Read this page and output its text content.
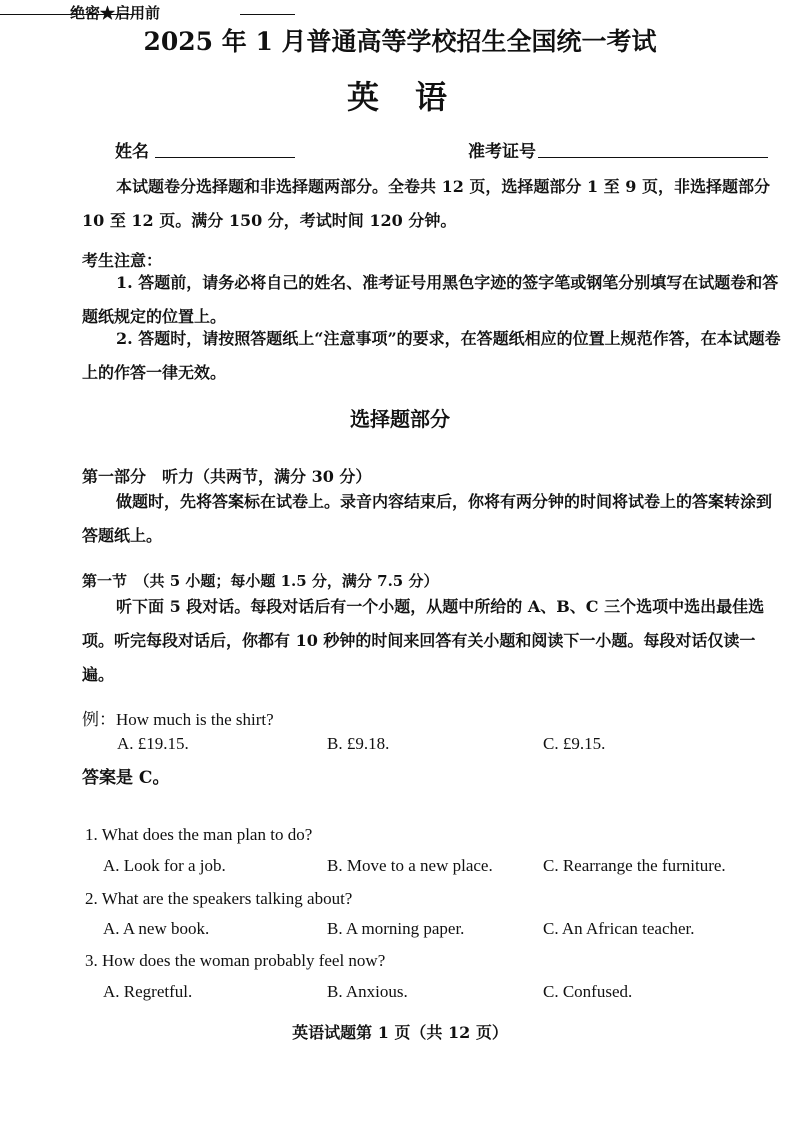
绝密★启用前
2025 年 1 月普通高等学校招生全国统一考试
英语
姓名	准考证号
本试题卷分选择题和非选择题两部分。全卷共 12 页，选择题部分 1 至 9 页，非选择题部分 10 至 12 页。满分 150 分，考试时间 120 分钟。
考生注意：
1. 答题前，请务必将自己的姓名、准考证号用黑色字迹的签字笔或钢笔分别填写在试题卷和答题纸规定的位置上。
2. 答题时，请按照答题纸上“注意事项”的要求，在答题纸相应的位置上规范作答，在本试题卷上的作答一律无效。
选择题部分
第一部分　听力（共两节，满分 30 分）
做题时，先将答案标在试卷上。录音内容结束后，你将有两分钟的时间将试卷上的答案转涂到答题纸上。
第一节　（共 5 小题；每小题 1.5 分，满分 7.5 分）
听下面 5 段对话。每段对话后有一个小题，从题中所给的 A、B、C 三个选项中选出最佳选项。听完每段对话后，你都有 10 秒钟的时间来回答有关小题和阅读下一小题。每段对话仅读一遍。
例：How much is the shirt?
A. £19.15.	B. £9.18.	C. £9.15.
答案是 C。
1. What does the man plan to do?
A. Look for a job.	B. Move to a new place.	C. Rearrange the furniture.
2. What are the speakers talking about?
A. A new book.	B. A morning paper.	C. An African teacher.
3. How does the woman probably feel now?
A. Regretful.	B. Anxious.	C. Confused.
英语试题第 1 页（共 12 页）
